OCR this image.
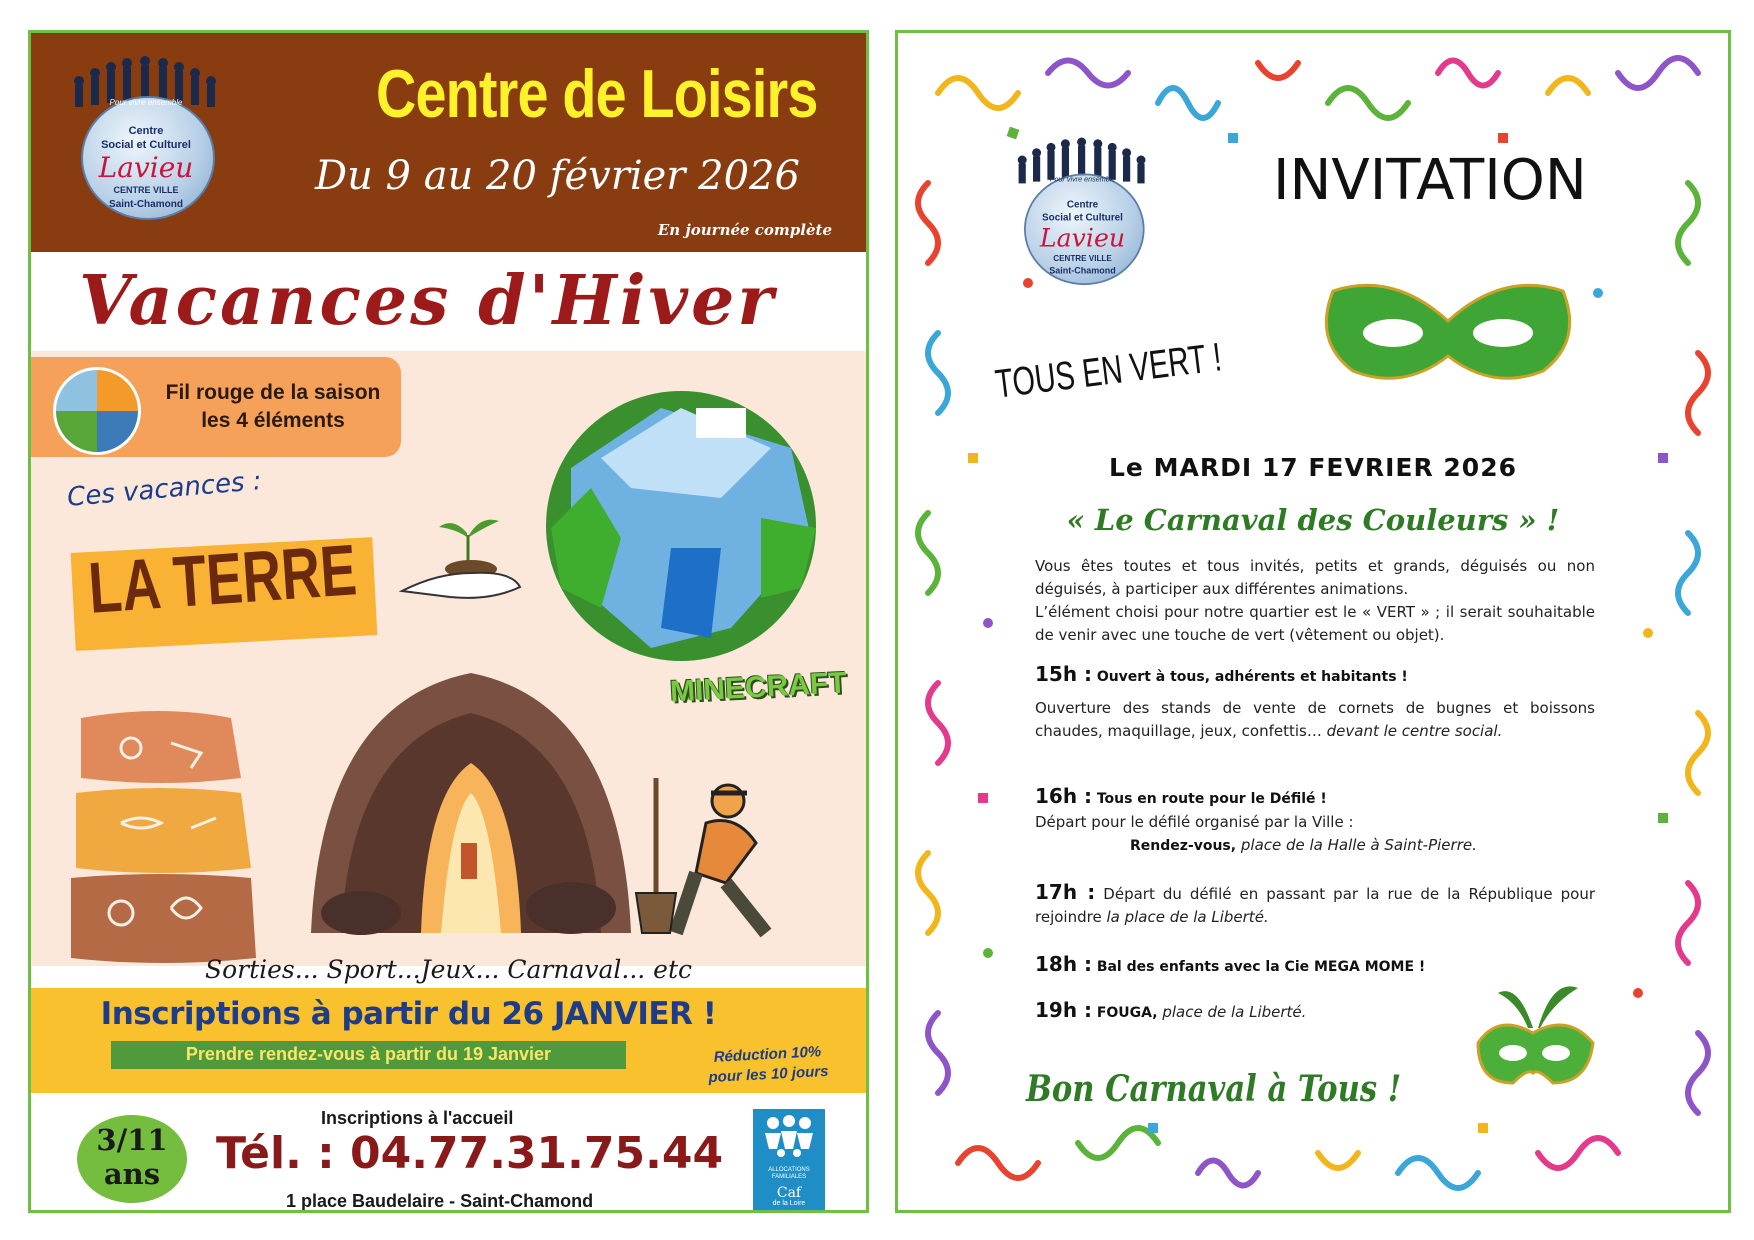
Pour vivre ensemble
Centre
Social et Culturel
Lavieu
CENTRE VILLE
Saint-Chamond
Centre de Loisirs
Du 9 au 20 février 2026
En journée complète
Vacances d'Hiver
Fil rouge de la saison
les 4 éléments
Ces vacances :
LA TERRE
MINECRAFT
Sorties... Sport...Jeux... Carnaval... etc
Inscriptions à partir du 26 JANVIER !
Prendre rendez-vous à partir du 19 Janvier	Réduction 10%
pour les 10 jours
3/11
ans
Inscriptions à l'accueil
Tél. : 04.77.31.75.44
1 place Baudelaire - Saint-Chamond
ALLOCATIONS
FAMILIALES
Caf
de la Loire
Pour vivre ensemble
Centre
Social et Culturel
Lavieu
CENTRE VILLE
Saint-Chamond
INVITATION
TOUS EN VERT !
Le MARDI 17 FEVRIER 2026
« Le Carnaval des Couleurs » !
Vous êtes toutes et tous invités, petits et grands, déguisés ou non déguisés, à participer aux différentes animations.
L’élément choisi pour notre quartier est le « VERT » ; il serait souhaitable de venir avec une touche de vert (vêtement ou objet).
15h : Ouvert à tous, adhérents et habitants !
Ouverture des stands de vente de cornets de bugnes et boissons chaudes, maquillage, jeux, confettis… devant le centre social.
16h : Tous en route pour le Défilé !
Départ pour le défilé organisé par la Ville :
Rendez-vous, place de la Halle à Saint-Pierre.
17h : Départ du défilé en passant par la rue de la République pour rejoindre la place de la Liberté.
18h : Bal des enfants avec la Cie MEGA MOME !
19h : FOUGA, place de la Liberté.
Bon Carnaval à Tous !
